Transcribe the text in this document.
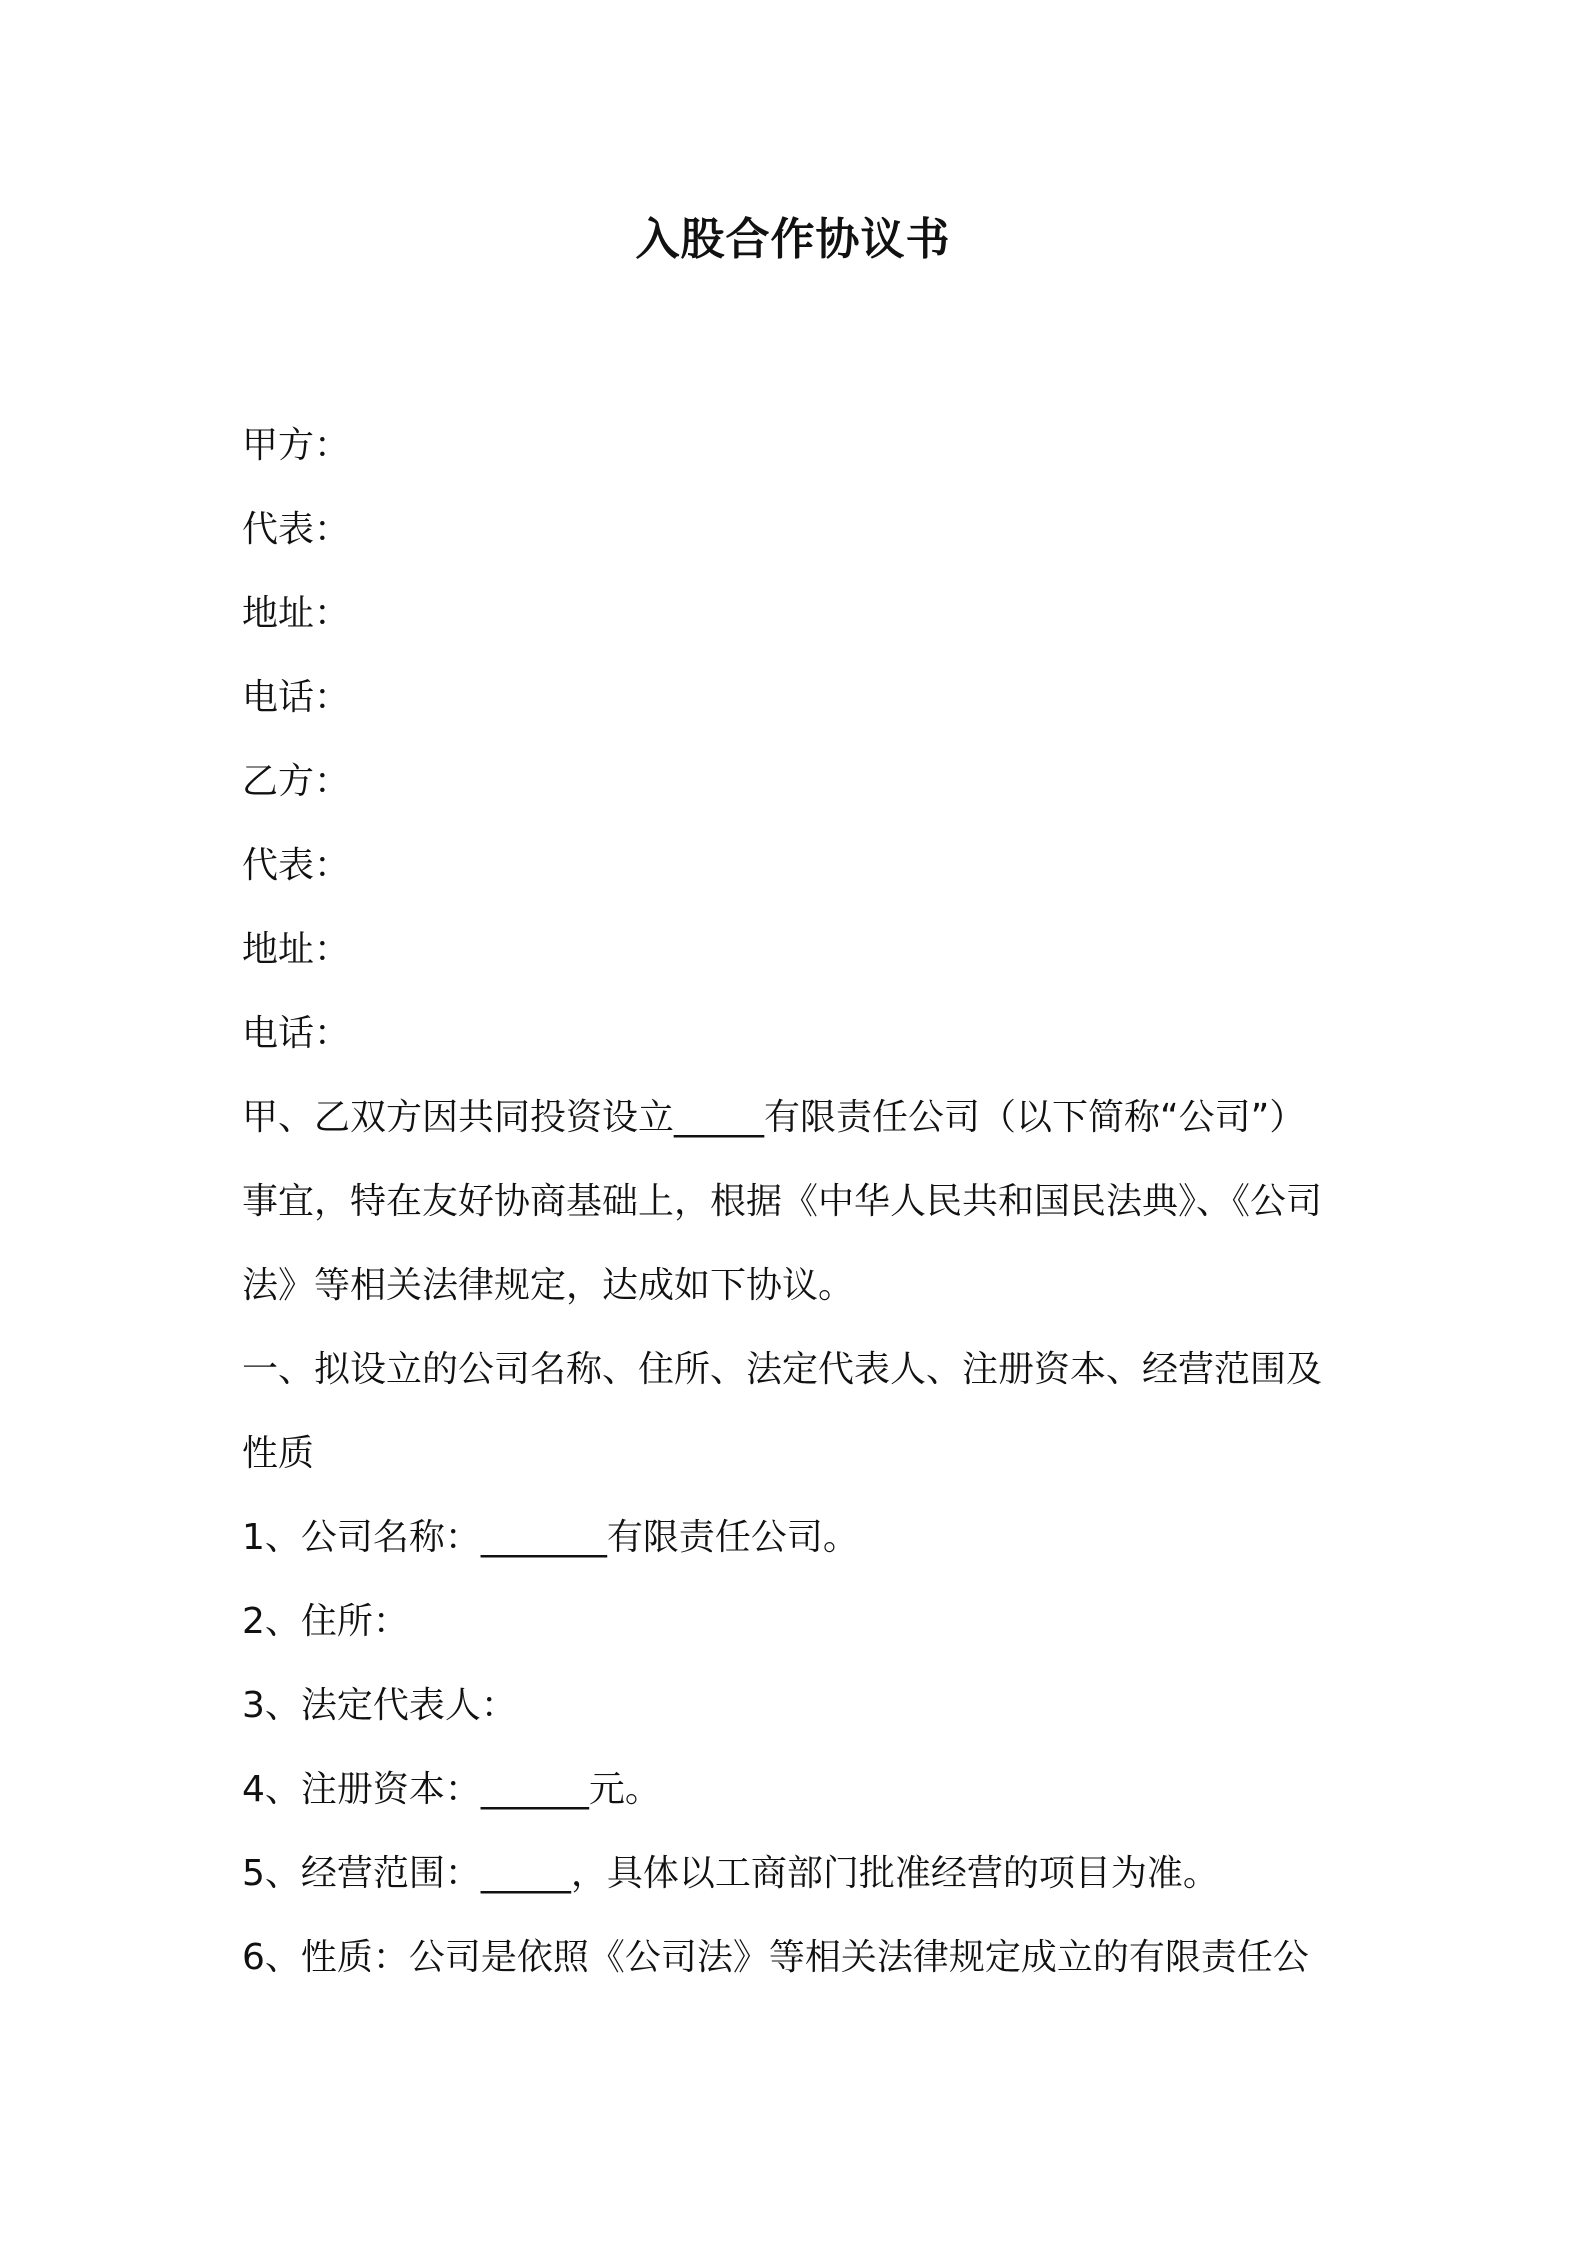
入股合作协议书
甲方：
代表：
地址：
电话：
乙方：
代表：
地址：
电话：
甲、乙双方因共同投资设立_____有限责任公司（以下简称“公司”）
事宜，特在友好协商基础上，根据《中华人民共和国民法典》、《公司
法》等相关法律规定，达成如下协议。
一、拟设立的公司名称、住所、法定代表人、注册资本、经营范围及
性质
1、公司名称：_______有限责任公司。
2、住所：
3、法定代表人：
4、注册资本：______元。
5、经营范围：_____，具体以工商部门批准经营的项目为准。
6、性质：公司是依照《公司法》等相关法律规定成立的有限责任公
